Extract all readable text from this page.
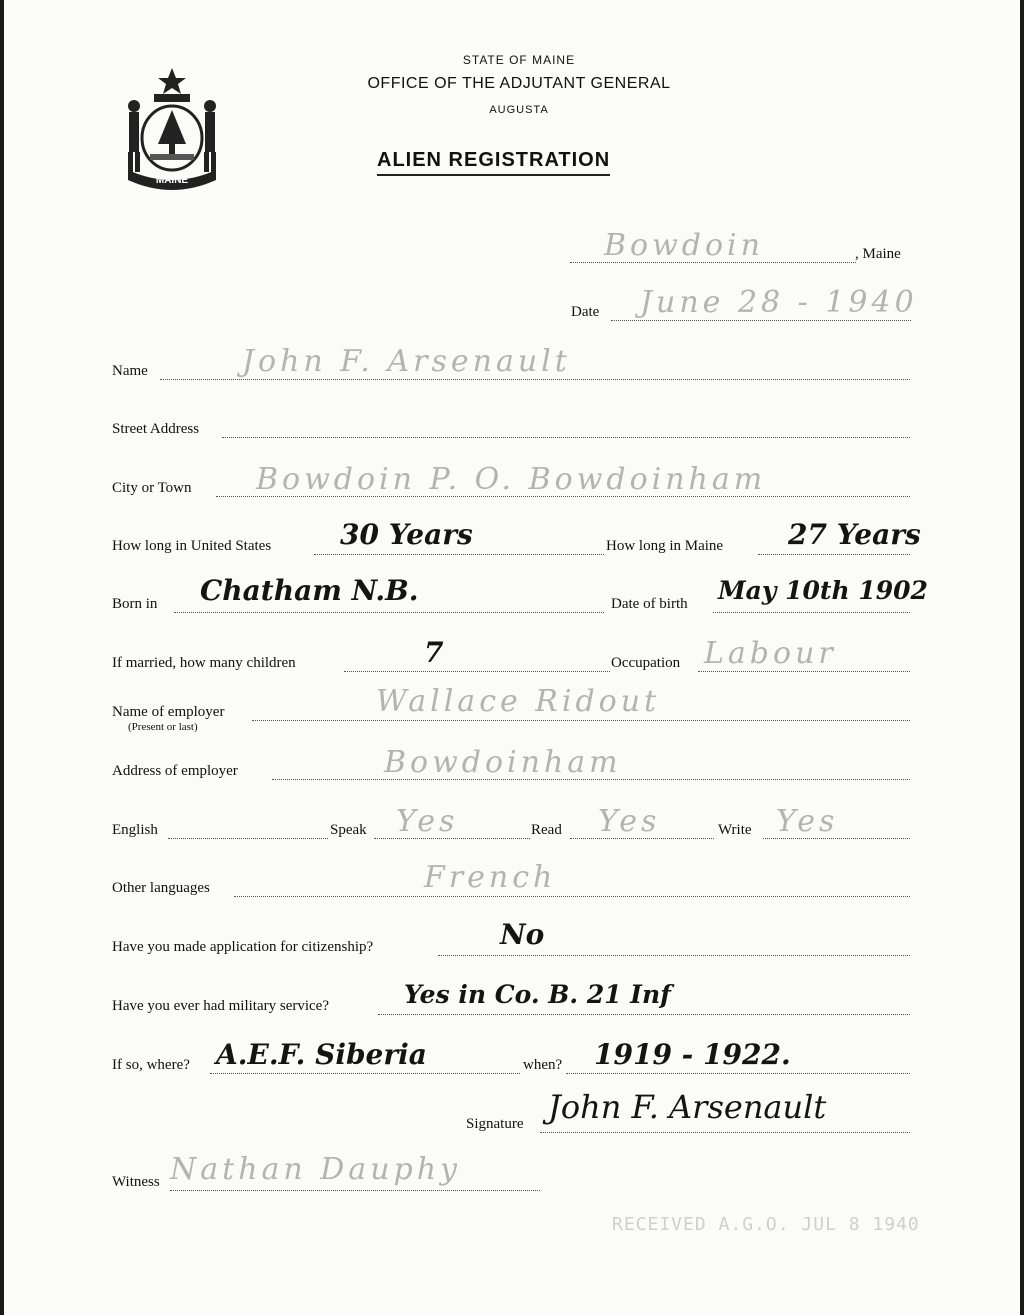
MAINE
STATE OF MAINE
OFFICE OF THE ADJUTANT GENERAL
AUGUSTA
ALIEN REGISTRATION
Bowdoin	, Maine
Date June 28 - 1940
Name	John F. Arsenault
Street Address
City or Town Bowdoin P. O. Bowdoinham
How long in United States 30 Years	How long in Maine 27 Years
Born in Chatham N.B.	Date of birth May 10th 1902
If married, how many children	7	Occupation Labour
Name of employer
(Present or last)
Wallace Ridout
Address of employer	Bowdoinham
English	Speak Yes	Read Yes	Write Yes
Other languages	French
Have you made application for citizenship?	No
Have you ever had military service?	Yes in Co. B. 21 Inf
If so, where? A.E.F. Siberia	when? 1919 - 1922.
Signature John F. Arsenault
Witness Nathan Dauphy
RECEIVED A.G.O. JUL 8 1940
